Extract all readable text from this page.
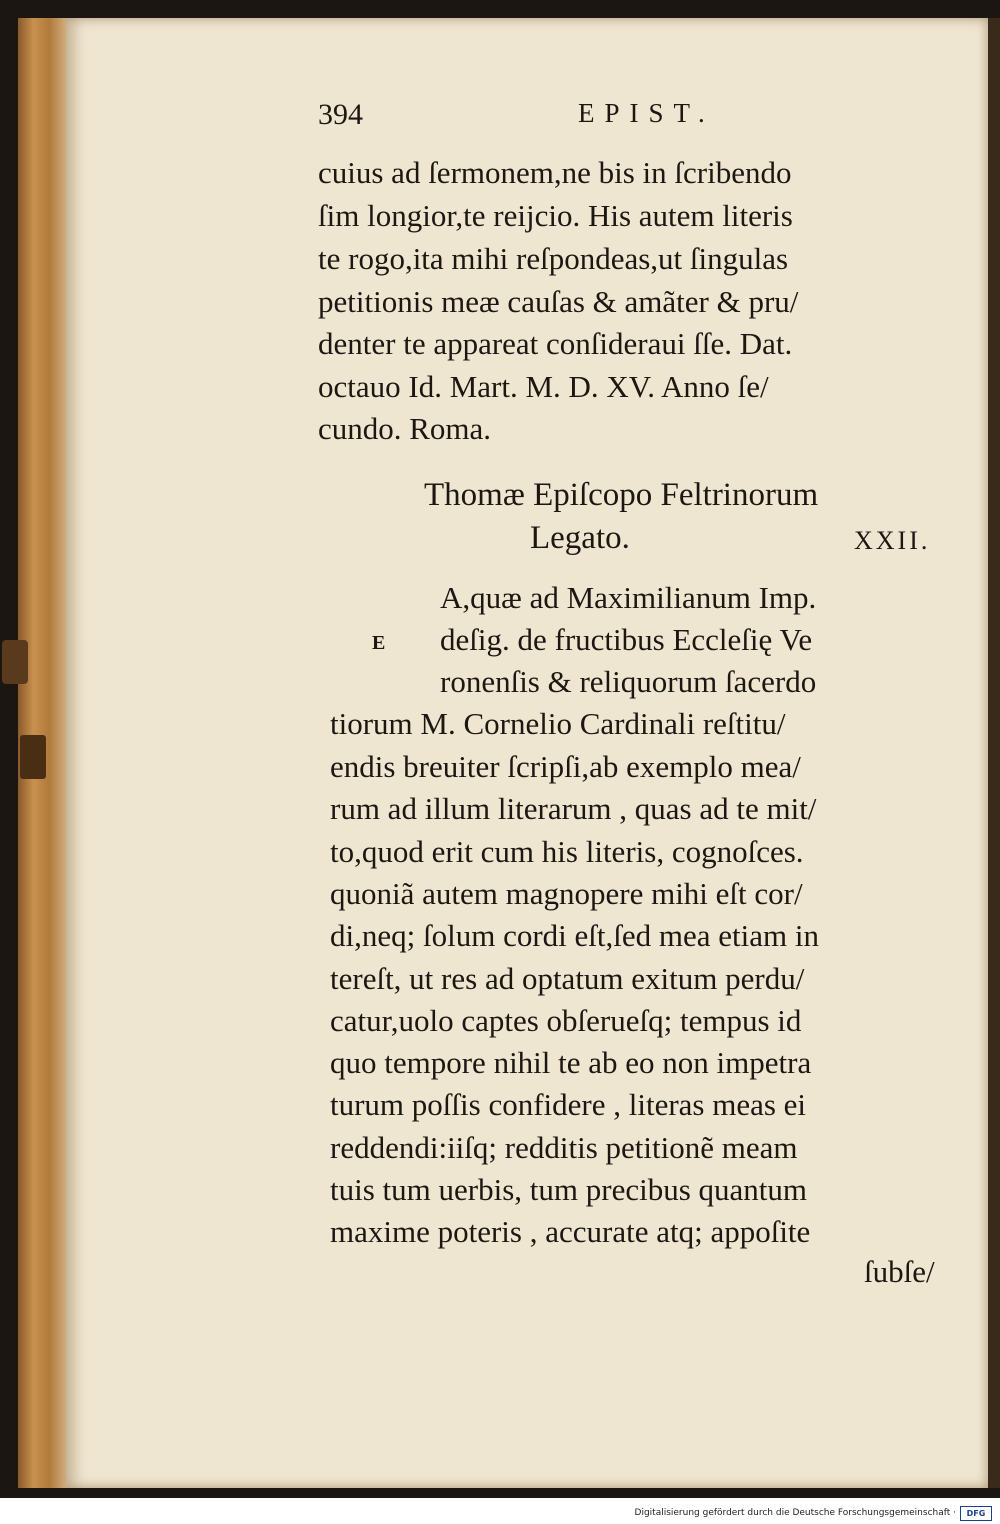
394	EPIST.
cuius ad ſermonem,ne bis in ſcribendo
ſim longior,te reijcio. His autem literis
te rogo,ita mihi reſpondeas,ut ſingulas
petitionis meæ cauſas & amãter & pru/
denter te appareat conſideraui ſſe. Dat.
octauo Id. Mart. M. D. XV. Anno ſe/
cundo. Roma.
Thomæ Epiſcopo Feltrinorum
Legato.	XXII.
E
A,quæ ad Maximilianum Imp.
deſig. de fructibus Eccleſię Ve
ronenſis & reliquorum ſacerdo
tiorum M. Cornelio Cardinali reſtitu/
endis breuiter ſcripſi,ab exemplo mea/
rum ad illum literarum , quas ad te mit/
to,quod erit cum his literis, cognoſces.
quoniã autem magnopere mihi eſt cor/
di,neq; ſolum cordi eſt,ſed mea etiam in
tereſt, ut res ad optatum exitum perdu/
catur,uolo captes obſerueſq; tempus id
quo tempore nihil te ab eo non impetra
turum poſſis confidere , literas meas ei
reddendi:iiſq; redditis petitionẽ meam
tuis tum uerbis, tum precibus quantum
maxime poteris , accurate atq; appoſite
ſubſe/
Digitalisierung gefördert durch die Deutsche Forschungsgemeinschaft ·	DFG
